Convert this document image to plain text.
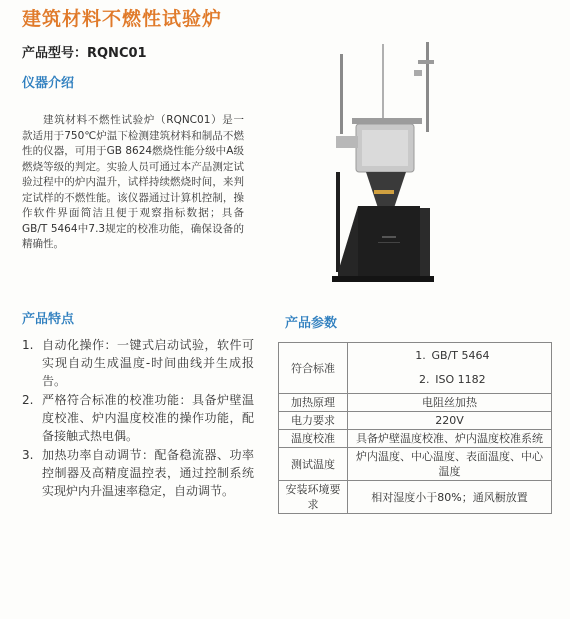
建筑材料不燃性试验炉
产品型号：RQNC01
仪器介绍
建筑材料不燃性试验炉（RQNC01）是一款适用于750℃炉温下检测建筑材料和制品不燃性的仪器，可用于GB 8624燃烧性能分级中A级燃烧等级的判定。实验人员可通过本产品测定试验过程中的炉内温升，试样持续燃烧时间，来判定试样的不燃性能。该仪器通过计算机控制，操作软件界面简洁且便于观察指标数据；具备GB/T 5464中7.3规定的校准功能，确保设备的精确性。
产品特点
1. 自动化操作：一键式启动试验，软件可实现自动生成温度-时间曲线并生成报告。
2. 严格符合标准的校准功能：具备炉壁温度校准、炉内温度校准的操作功能，配备接触式热电偶。
3. 加热功率自动调节：配备稳流器、功率控制器及高精度温控表，通过控制系统实现炉内升温速率稳定，自动调节。
产品参数
符合标准	1. GB/T 5464
2. ISO 1182

加热原理	电阻丝加热
电力要求	220V
温度校准	具备炉壁温度校准、炉内温度校准系统
测试温度	炉内温度、中心温度、表面温度、中心温度
安装环境要求	相对湿度小于80%；通风橱放置
